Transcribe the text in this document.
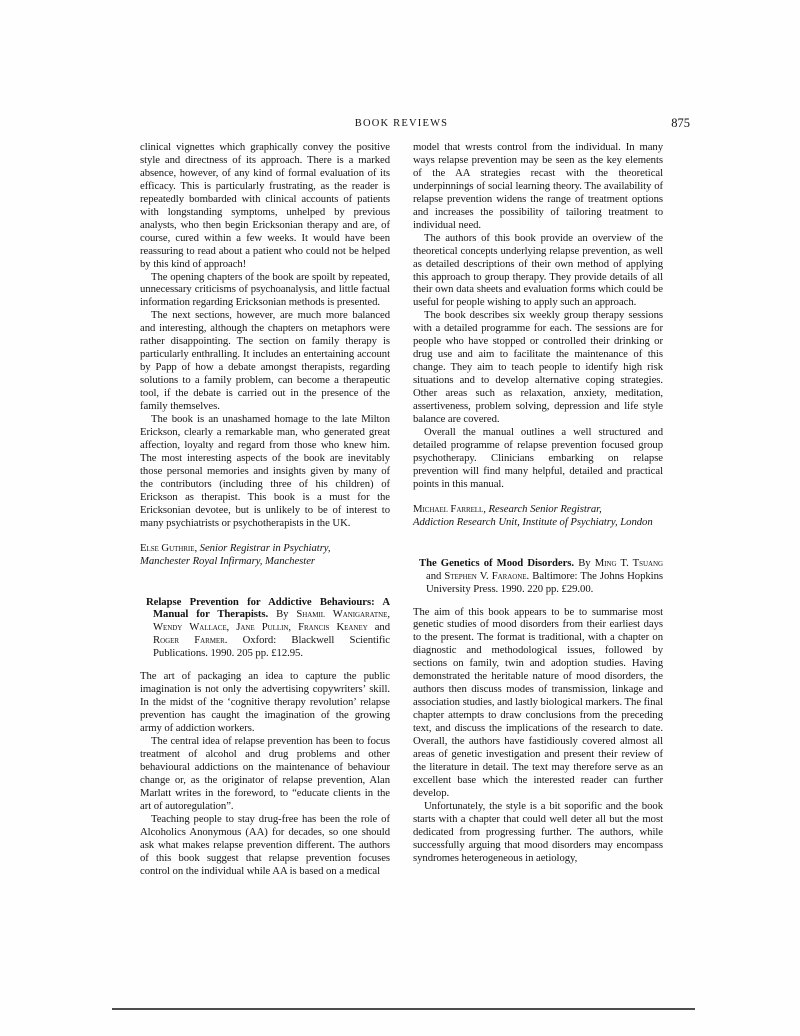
BOOK REVIEWS	875

clinical vignettes which graphically convey the positive style and directness of its approach. There is a marked absence, however, of any kind of formal evaluation of its efficacy. This is particularly frustrating, as the reader is repeatedly bombarded with clinical accounts of patients with longstanding symptoms, unhelped by previous analysts, who then begin Ericksonian therapy and are, of course, cured within a few weeks. It would have been reassuring to read about a patient who could not be helped by this kind of approach!

The opening chapters of the book are spoilt by repeated, unnecessary criticisms of psychoanalysis, and little factual information regarding Ericksonian methods is presented.

The next sections, however, are much more balanced and interesting, although the chapters on metaphors were rather disappointing. The section on family therapy is particularly enthralling. It includes an entertaining account by Papp of how a debate amongst therapists, regarding solutions to a family problem, can become a therapeutic tool, if the debate is carried out in the presence of the family themselves.

The book is an unashamed homage to the late Milton Erickson, clearly a remarkable man, who generated great affection, loyalty and regard from those who knew him. The most interesting aspects of the book are inevitably those personal memories and insights given by many of the contributors (including three of his children) of Erickson as therapist. This book is a must for the Ericksonian devotee, but is unlikely to be of interest to many psychiatrists or psychotherapists in the UK.

Else Guthrie, Senior Registrar in Psychiatry,
Manchester Royal Infirmary, Manchester

Relapse Prevention for Addictive Behaviours: A Manual for Therapists. By Shamil Wanigaratne, Wendy Wallace, Jane Pullin, Francis Keaney and Roger Farmer. Oxford: Blackwell Scientific Publications. 1990. 205 pp. £12.95.

The art of packaging an idea to capture the public imagination is not only the advertising copywriters’ skill. In the midst of the ‘cognitive therapy revolution’ relapse prevention has caught the imagination of the growing army of addiction workers.

The central idea of relapse prevention has been to focus treatment of alcohol and drug problems and other behavioural addictions on the maintenance of behaviour change or, as the originator of relapse prevention, Alan Marlatt writes in the foreword, to “educate clients in the art of autoregulation”.

Teaching people to stay drug-free has been the role of Alcoholics Anonymous (AA) for decades, so one should ask what makes relapse prevention different. The authors of this book suggest that relapse prevention focuses control on the individual while AA is based on a medical

model that wrests control from the individual. In many ways relapse prevention may be seen as the key elements of the AA strategies recast with the theoretical underpinnings of social learning theory. The availability of relapse prevention widens the range of treatment options and increases the possibility of tailoring treatment to individual need.

The authors of this book provide an overview of the theoretical concepts underlying relapse prevention, as well as detailed descriptions of their own method of applying this approach to group therapy. They provide details of all their own data sheets and evaluation forms which could be useful for people wishing to apply such an approach.

The book describes six weekly group therapy sessions with a detailed programme for each. The sessions are for people who have stopped or controlled their drinking or drug use and aim to facilitate the maintenance of this change. They aim to teach people to identify high risk situations and to develop alternative coping strategies. Other areas such as relaxation, anxiety, meditation, assertiveness, problem solving, depression and life style balance are covered.

Overall the manual outlines a well structured and detailed programme of relapse prevention focused group psychotherapy. Clinicians embarking on relapse prevention will find many helpful, detailed and practical points in this manual.

Michael Farrell, Research Senior Registrar,
Addiction Research Unit, Institute of Psychiatry, London

The Genetics of Mood Disorders. By Ming T. Tsuang and Stephen V. Faraone. Baltimore: The Johns Hopkins University Press. 1990. 220 pp. £29.00.

The aim of this book appears to be to summarise most genetic studies of mood disorders from their earliest days to the present. The format is traditional, with a chapter on diagnostic and methodological issues, followed by sections on family, twin and adoption studies. Having demonstrated the heritable nature of mood disorders, the authors then discuss modes of transmission, linkage and association studies, and lastly biological markers. The final chapter attempts to draw conclusions from the preceding text, and discuss the implications of the research to date. Overall, the authors have fastidiously covered almost all areas of genetic investigation and present their review of the literature in detail. The text may therefore serve as an excellent base which the interested reader can further develop.

Unfortunately, the style is a bit soporific and the book starts with a chapter that could well deter all but the most dedicated from progressing further. The authors, while successfully arguing that mood disorders may encompass syndromes heterogeneous in aetiology,
